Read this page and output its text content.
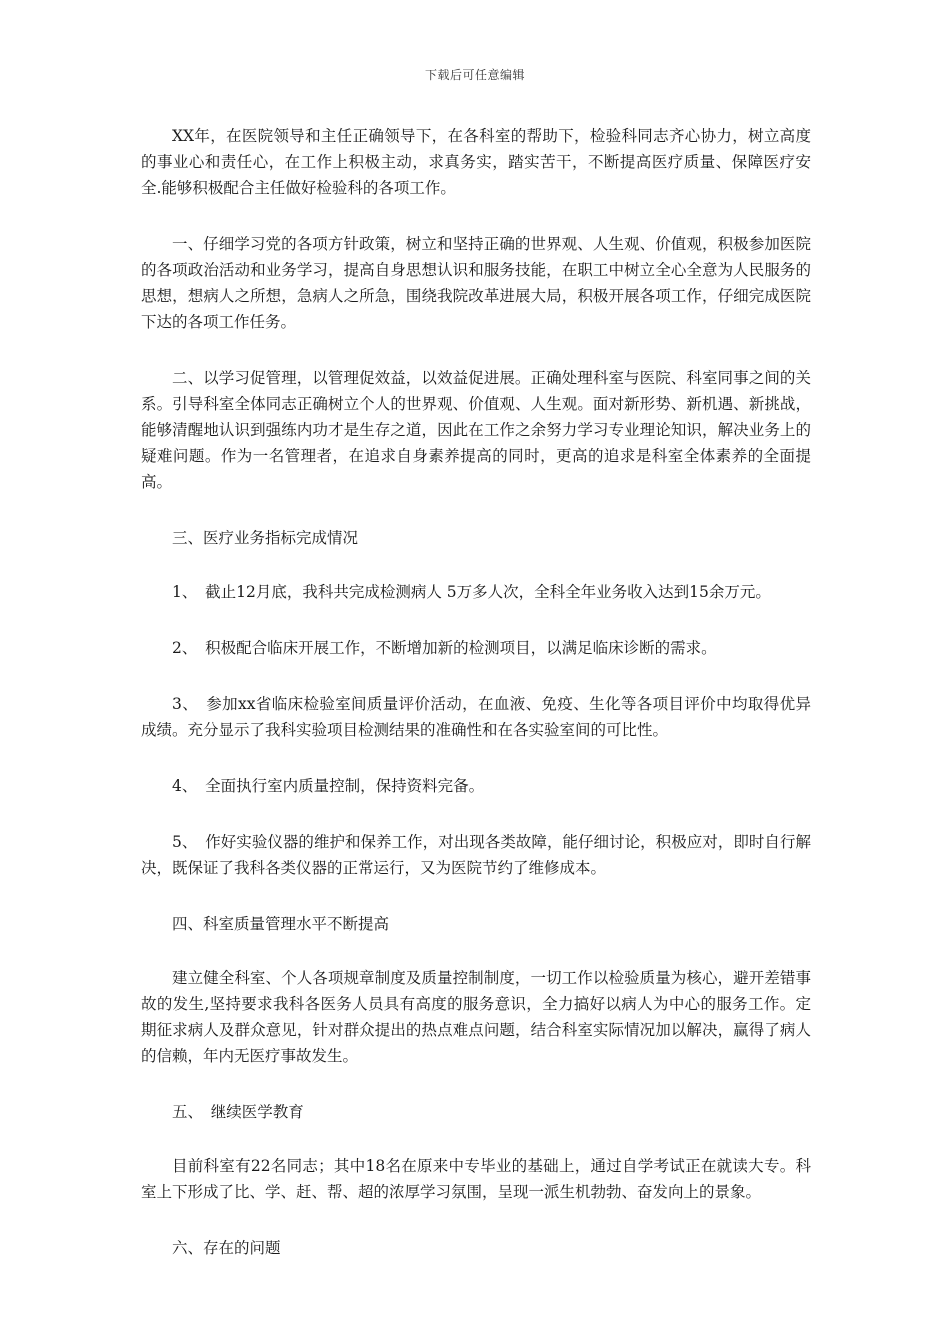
下载后可任意编辑

XX年，在医院领导和主任正确领导下，在各科室的帮助下，检验科同志齐心协力，树立高度的事业心和责任心，在工作上积极主动，求真务实，踏实苦干，不断提高医疗质量、保障医疗安全.能够积极配合主任做好检验科的各项工作。

一、仔细学习党的各项方针政策，树立和坚持正确的世界观、人生观、价值观，积极参加医院的各项政治活动和业务学习，提高自身思想认识和服务技能，在职工中树立全心全意为人民服务的思想，想病人之所想，急病人之所急，围绕我院改革进展大局，积极开展各项工作，仔细完成医院下达的各项工作任务。

二、以学习促管理，以管理促效益，以效益促进展。正确处理科室与医院、科室同事之间的关系。引导科室全体同志正确树立个人的世界观、价值观、人生观。面对新形势、新机遇、新挑战，能够清醒地认识到强练内功才是生存之道，因此在工作之余努力学习专业理论知识，解决业务上的疑难问题。作为一名管理者，在追求自身素养提高的同时，更高的追求是科室全体素养的全面提高。

三、医疗业务指标完成情况

1、　截止12月底，我科共完成检测病人 5万多人次，全科全年业务收入达到15余万元。

2、　积极配合临床开展工作，不断增加新的检测项目，以满足临床诊断的需求。

3、　参加xx省临床检验室间质量评价活动，在血液、免疫、生化等各项目评价中均取得优异成绩。充分显示了我科实验项目检测结果的准确性和在各实验室间的可比性。

4、　全面执行室内质量控制，保持资料完备。

5、　作好实验仪器的维护和保养工作，对出现各类故障，能仔细讨论，积极应对，即时自行解决，既保证了我科各类仪器的正常运行，又为医院节约了维修成本。

四、科室质量管理水平不断提高

建立健全科室、个人各项规章制度及质量控制制度，一切工作以检验质量为核心，避开差错事故的发生,坚持要求我科各医务人员具有高度的服务意识，全力搞好以病人为中心的服务工作。定期征求病人及群众意见，针对群众提出的热点难点问题，结合科室实际情况加以解决，赢得了病人的信赖，年内无医疗事故发生。

五、　继续医学教育

目前科室有22名同志；其中18名在原来中专毕业的基础上，通过自学考试正在就读大专。科室上下形成了比、学、赶、帮、超的浓厚学习氛围，呈现一派生机勃勃、奋发向上的景象。

六、存在的问题
